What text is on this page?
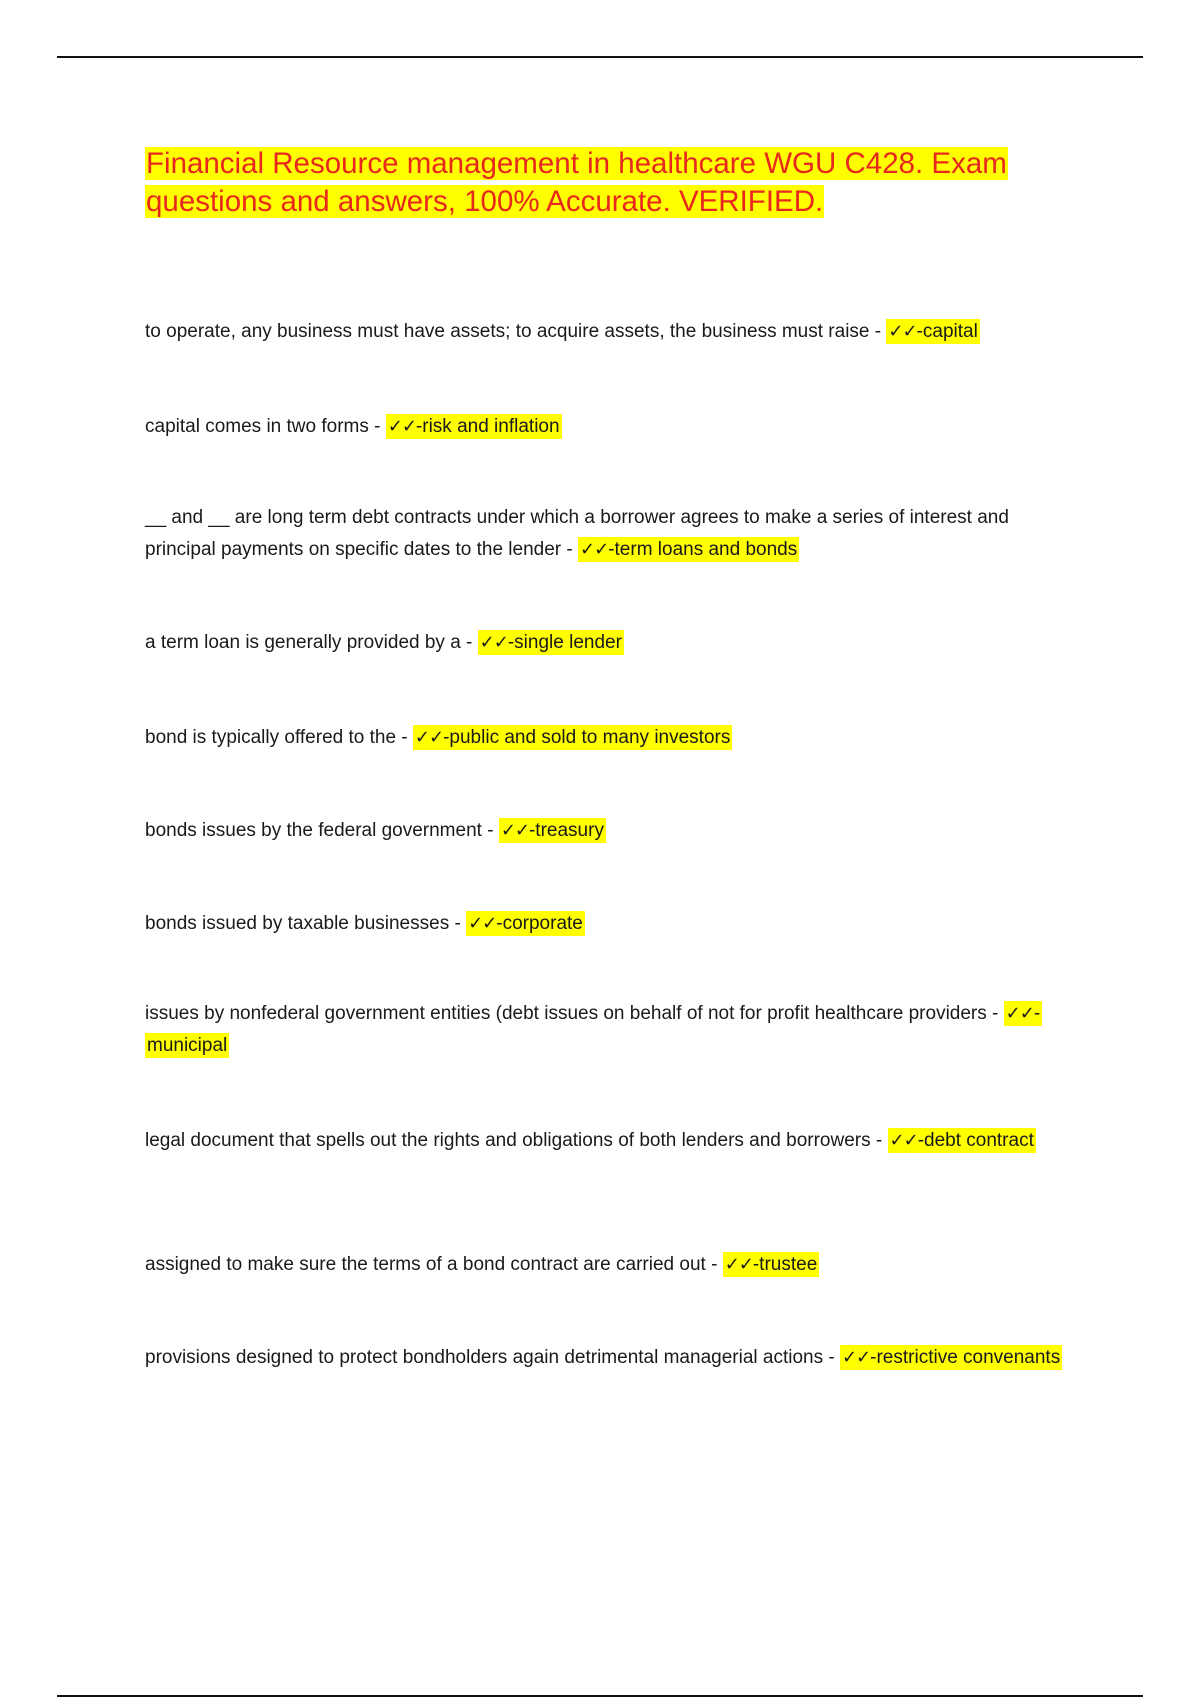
Financial Resource management in healthcare WGU C428. Exam questions and answers, 100% Accurate. VERIFIED.

to operate, any business must have assets; to acquire assets, the business must raise - ✓✓-capital

capital comes in two forms - ✓✓-risk and inflation

__ and __ are long term debt contracts under which a borrower agrees to make a series of interest and principal payments on specific dates to the lender - ✓✓-term loans and bonds

a term loan is generally provided by a - ✓✓-single lender

bond is typically offered to the - ✓✓-public and sold to many investors

bonds issues by the federal government - ✓✓-treasury

bonds issued by taxable businesses - ✓✓-corporate

issues by nonfederal government entities (debt issues on behalf of not for profit healthcare providers - ✓✓-municipal

legal document that spells out the rights and obligations of both lenders and borrowers - ✓✓-debt contract

assigned to make sure the terms of a bond contract are carried out - ✓✓-trustee

provisions designed to protect bondholders again detrimental managerial actions - ✓✓-restrictive convenants
